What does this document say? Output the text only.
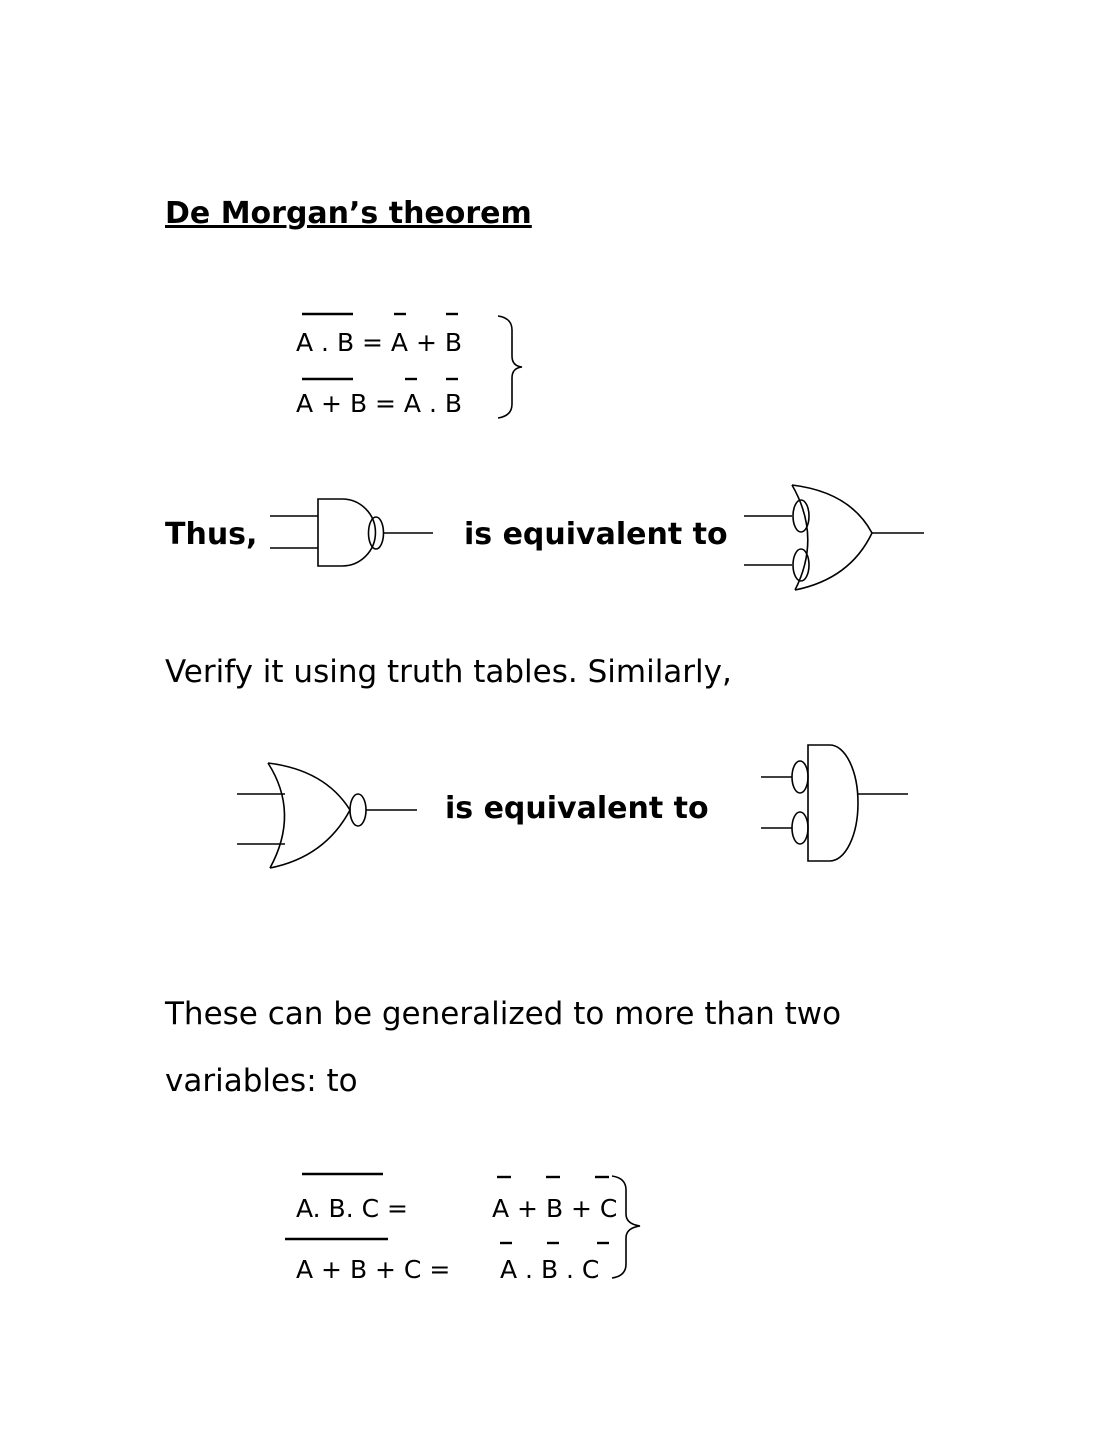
De Morgan’s theorem
A . B = A + B
A + B = A . B
Thus,	is equivalent to
Verify it using truth tables. Similarly,
is equivalent to
These can be generalized to more than two
variables: to
A. B. C =	A + B + C
A + B + C = A . B . C
